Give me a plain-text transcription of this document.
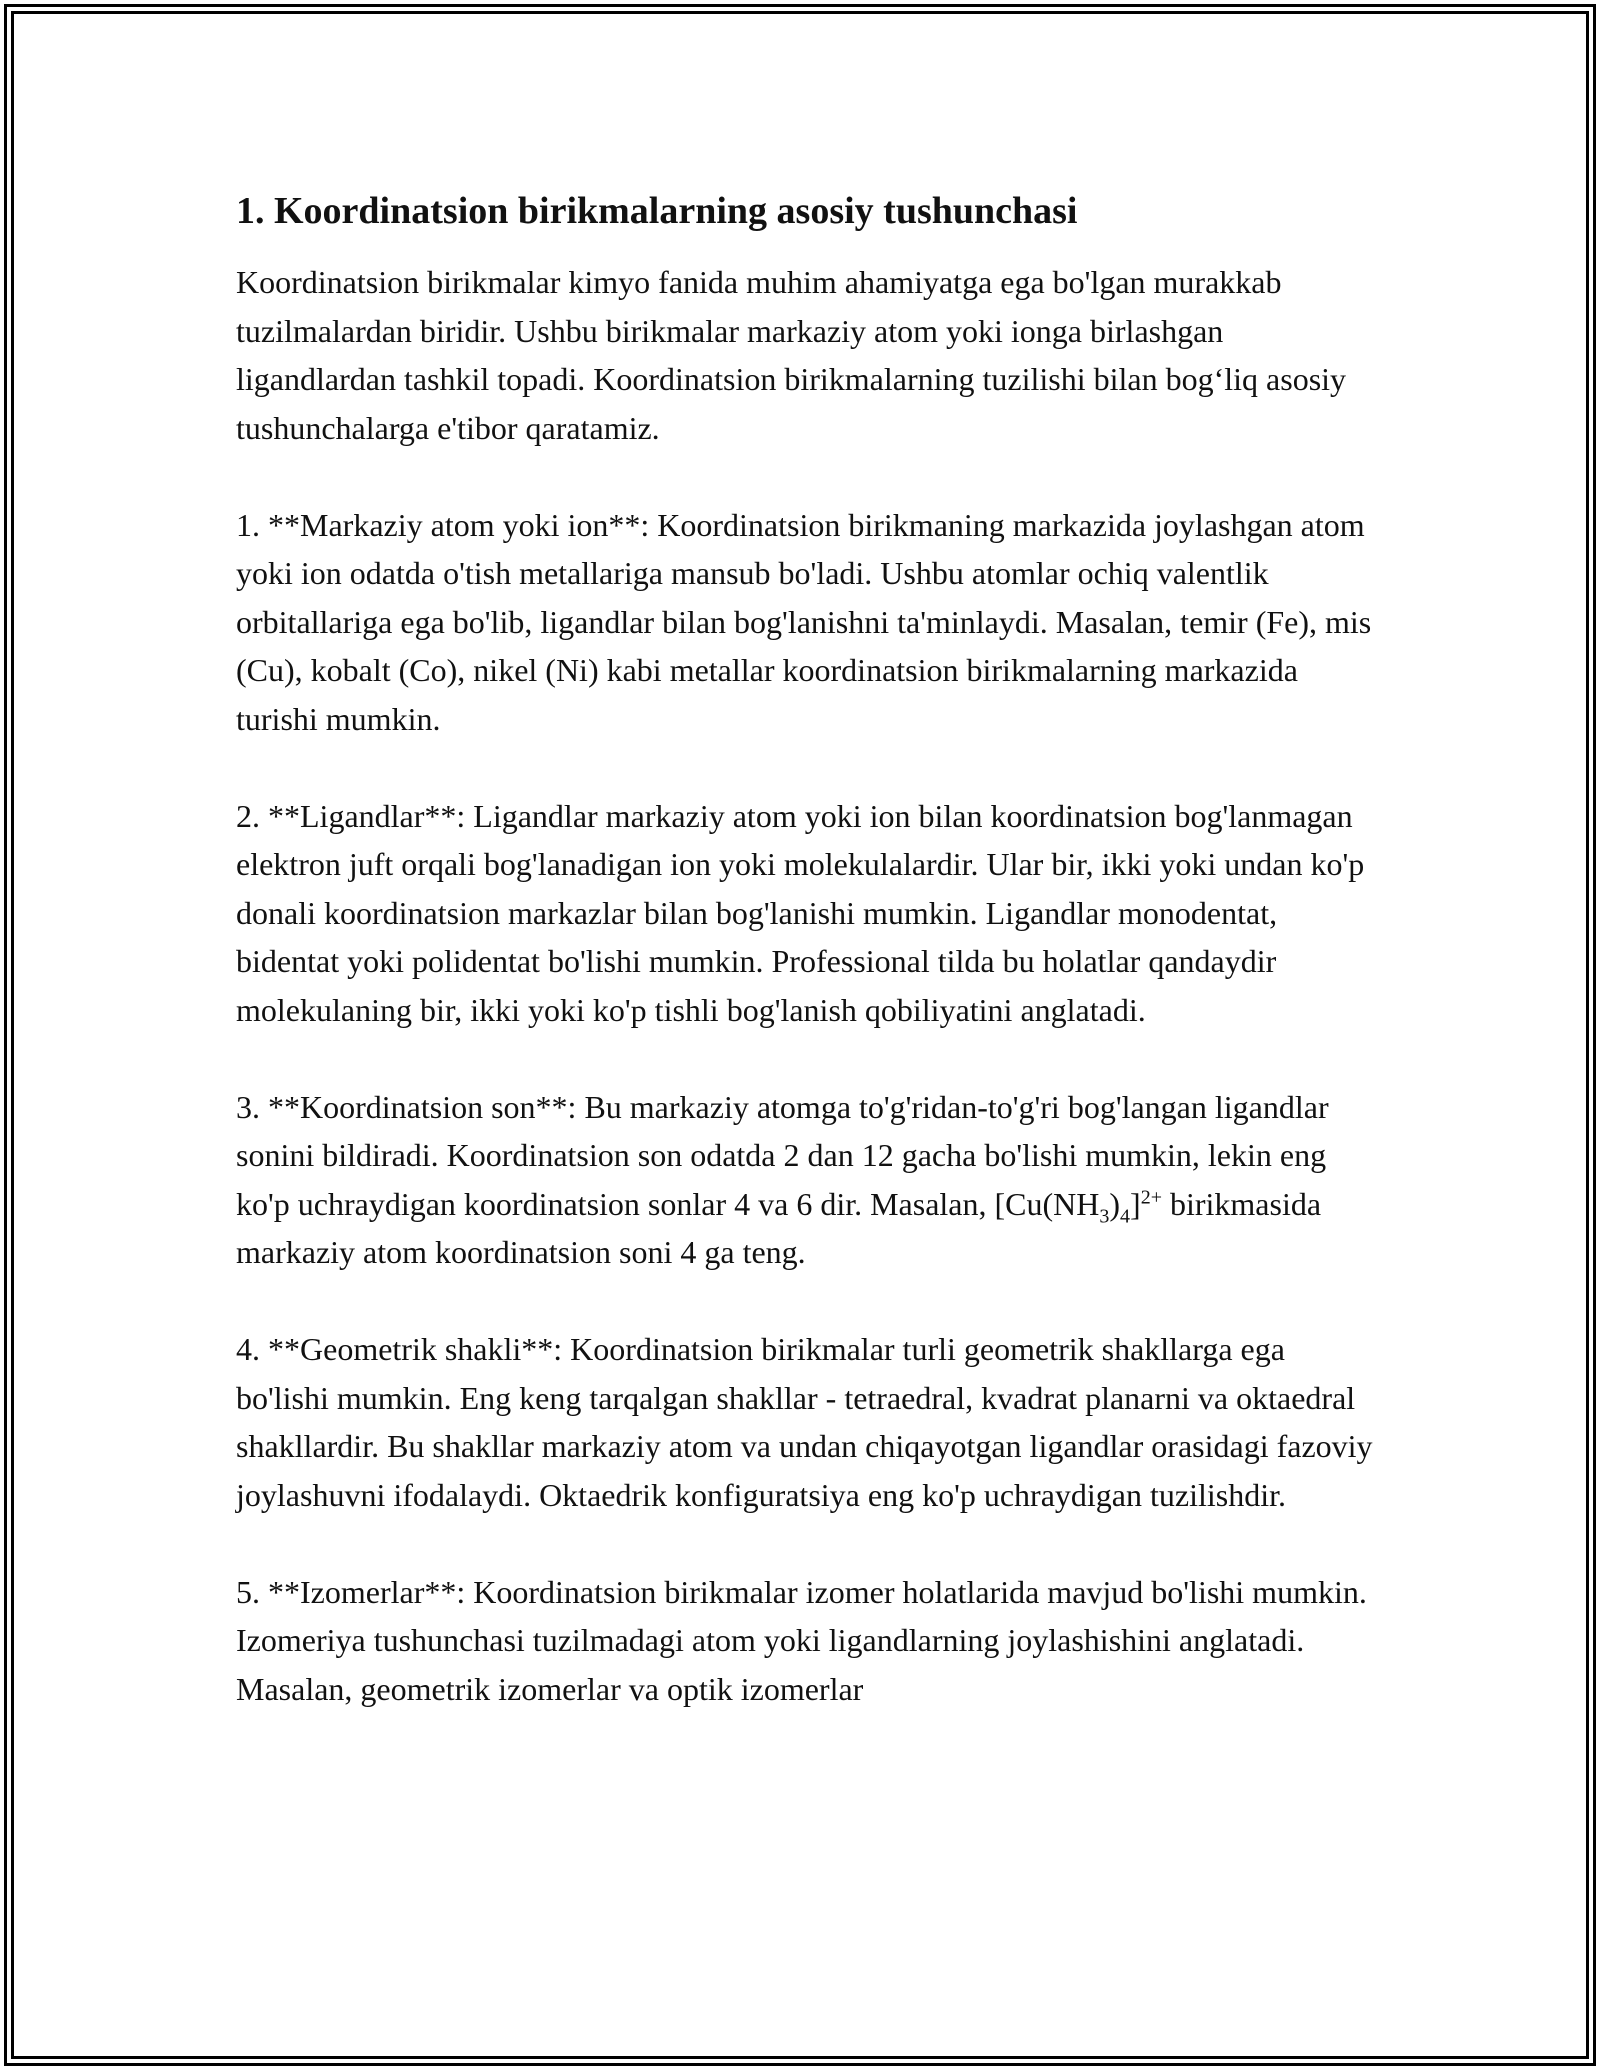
1. Koordinatsion birikmalarning asosiy tushunchasi

Koordinatsion birikmalar kimyo fanida muhim ahamiyatga ega bo'lgan murakkab tuzilmalardan biridir. Ushbu birikmalar markaziy atom yoki ionga birlashgan ligandlardan tashkil topadi. Koordinatsion birikmalarning tuzilishi bilan bog‘liq asosiy tushunchalarga e'tibor qaratamiz.

1. **Markaziy atom yoki ion**: Koordinatsion birikmaning markazida joylashgan atom yoki ion odatda o'tish metallariga mansub bo'ladi. Ushbu atomlar ochiq valentlik orbitallariga ega bo'lib, ligandlar bilan bog'lanishni ta'minlaydi. Masalan, temir (Fe), mis (Cu), kobalt (Co), nikel (Ni) kabi metallar koordinatsion birikmalarning markazida turishi mumkin.

2. **Ligandlar**: Ligandlar markaziy atom yoki ion bilan koordinatsion bog'lanmagan elektron juft orqali bog'lanadigan ion yoki molekulalardir. Ular bir, ikki yoki undan ko'p donali koordinatsion markazlar bilan bog'lanishi mumkin. Ligandlar monodentat, bidentat yoki polidentat bo'lishi mumkin. Professional tilda bu holatlar qandaydir molekulaning bir, ikki yoki ko'p tishli bog'lanish qobiliyatini anglatadi.

3. **Koordinatsion son**: Bu markaziy atomga to'g'ridan-to'g'ri bog'langan ligandlar sonini bildiradi. Koordinatsion son odatda 2 dan 12 gacha bo'lishi mumkin, lekin eng ko'p uchraydigan koordinatsion sonlar 4 va 6 dir. Masalan, $[Cu(NH_3)_4]^{2+}$ birikmasida markaziy atom koordinatsion soni 4 ga teng.

4. **Geometrik shakli**: Koordinatsion birikmalar turli geometrik shakllarga ega bo'lishi mumkin. Eng keng tarqalgan shakllar - tetraedral, kvadrat planarni va oktaedral shakllardir. Bu shakllar markaziy atom va undan chiqayotgan ligandlar orasidagi fazoviy joylashuvni ifodalaydi. Oktaedrik konfiguratsiya eng ko'p uchraydigan tuzilishdir.

5. **Izomerlar**: Koordinatsion birikmalar izomer holatlarida mavjud bo'lishi mumkin. Izomeriya tushunchasi tuzilmadagi atom yoki ligandlarning joylashishini anglatadi. Masalan, geometrik izomerlar va optik izomerlar
